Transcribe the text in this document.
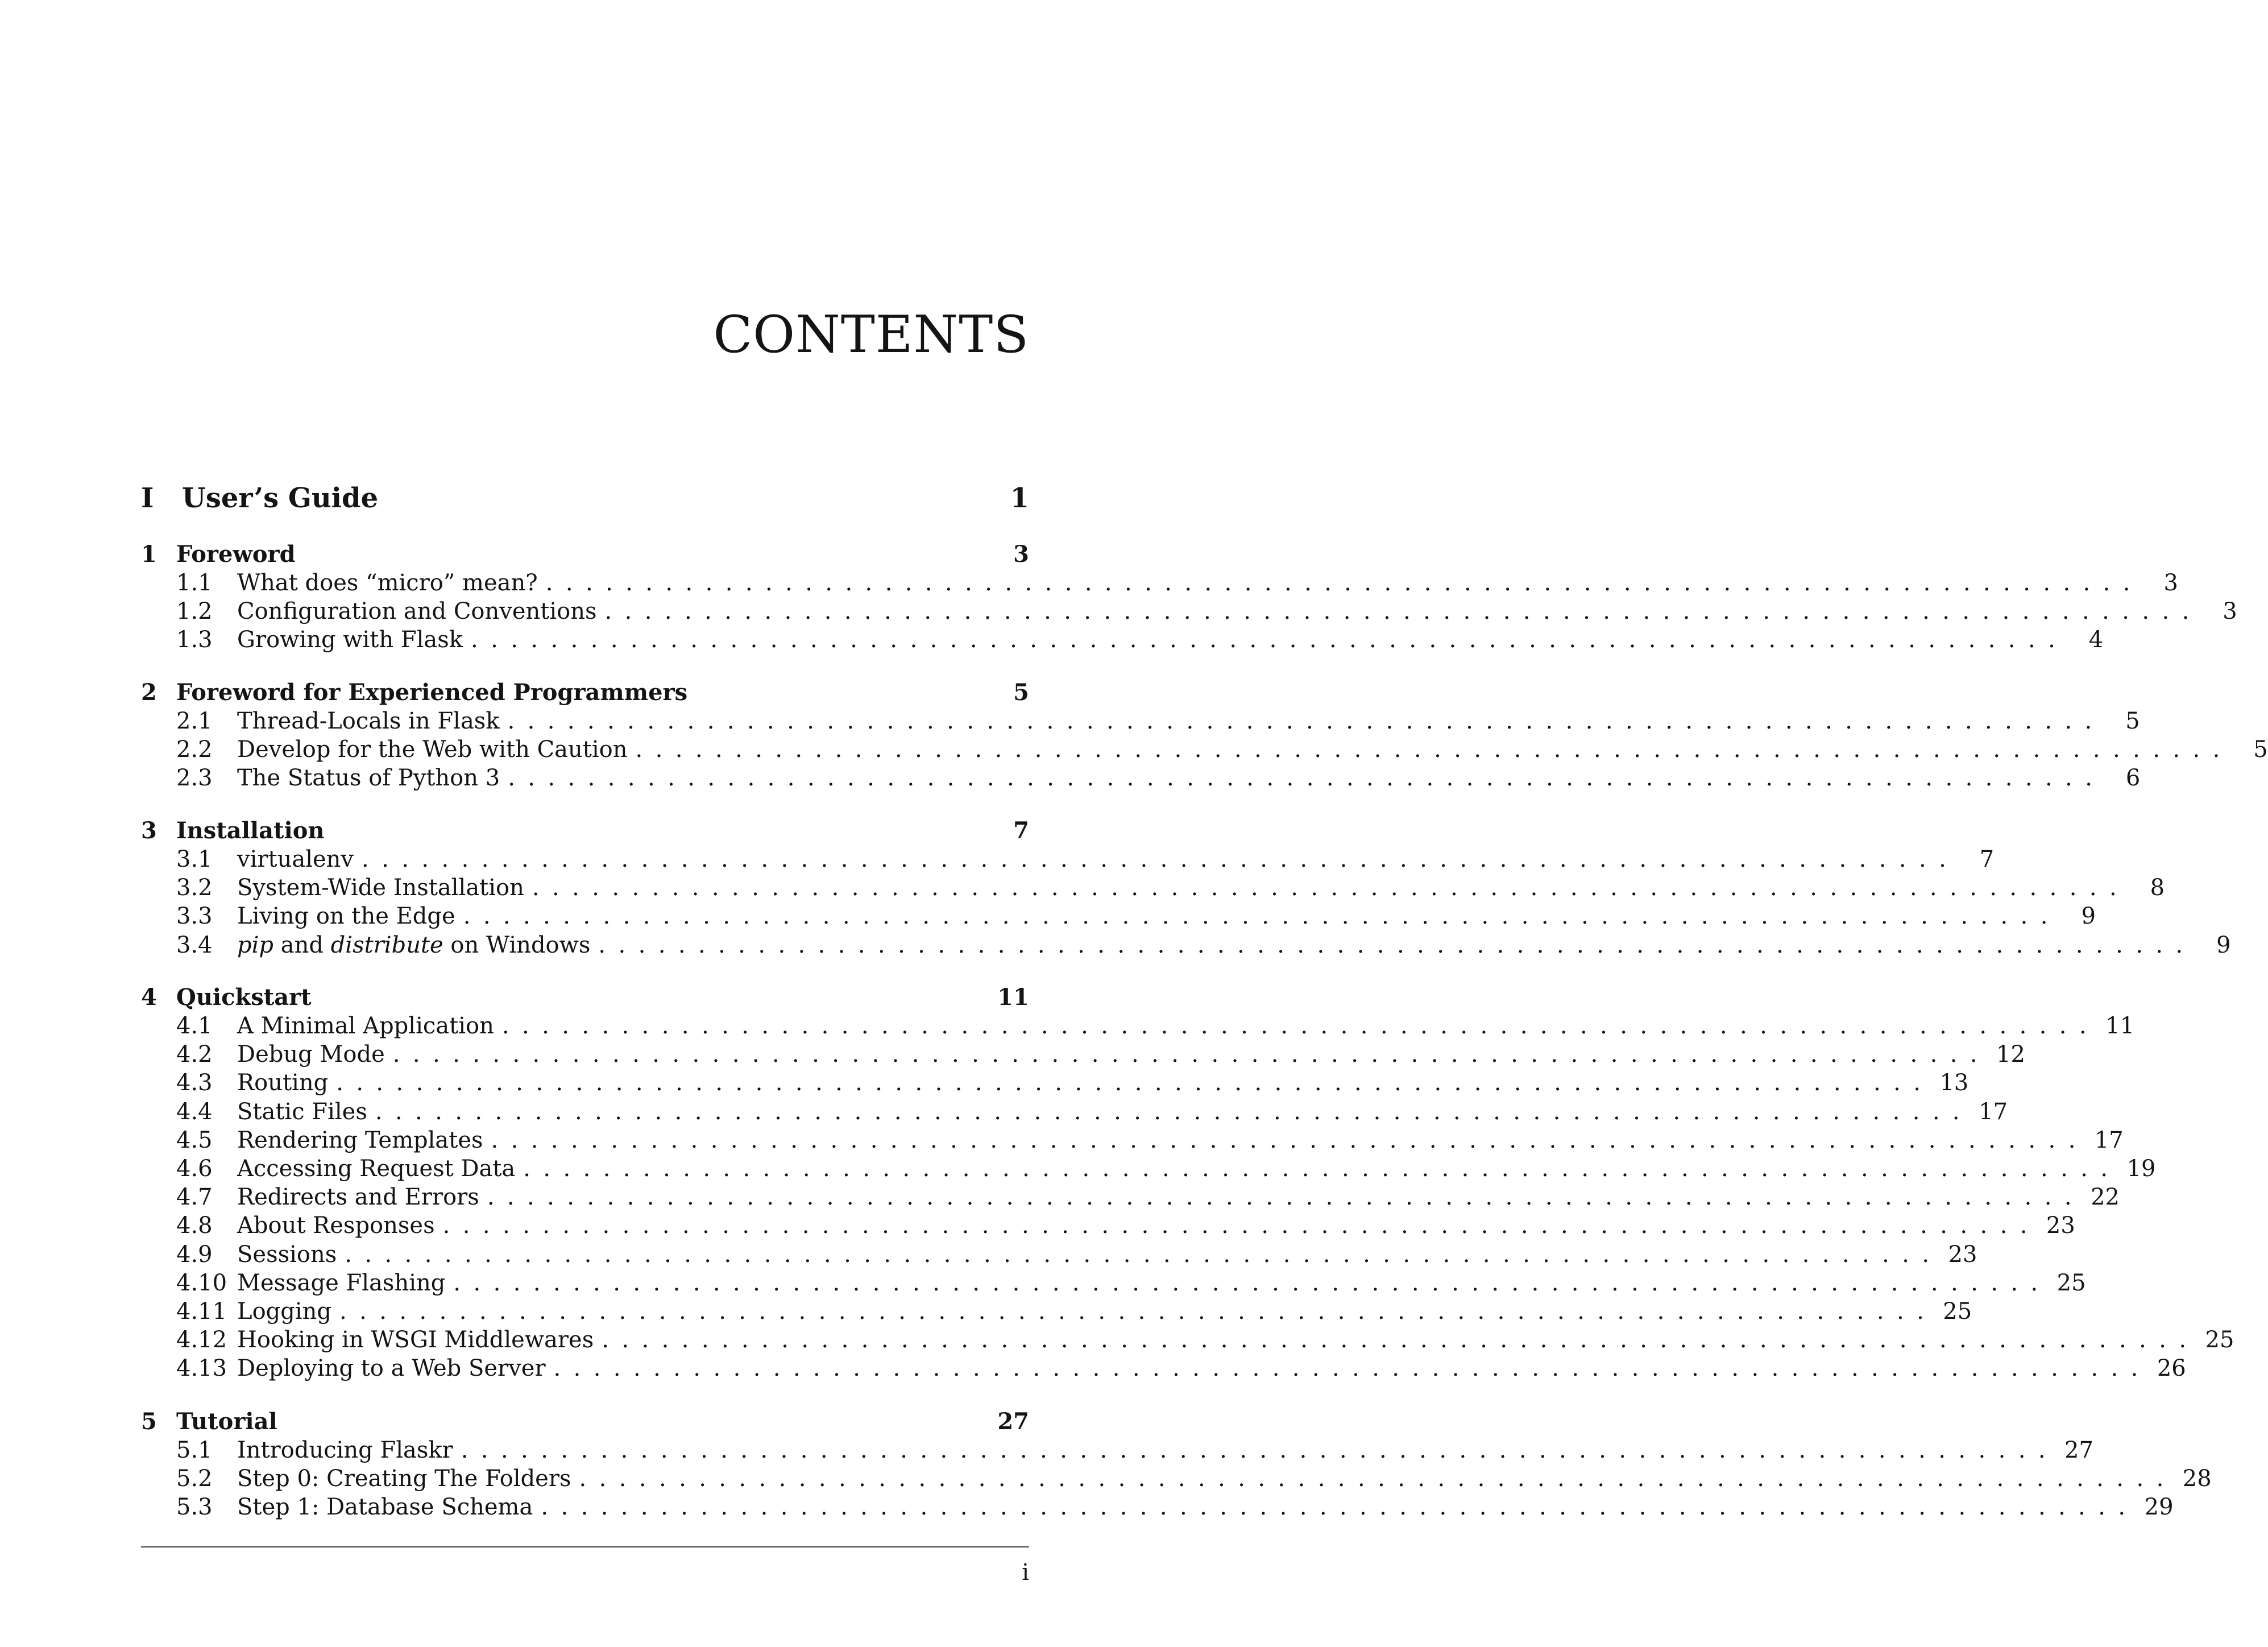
CONTENTS
I	User’s Guide	1
1 Foreword	3
1.1	What does “micro” mean? ................................................................................ 3
1.2	Configuration and Conventions ................................................................................ 3
1.3	Growing with Flask ................................................................................ 4
2 Foreword for Experienced Programmers	5
2.1	Thread-Locals in Flask ................................................................................ 5
2.2	Develop for the Web with Caution ................................................................................ 5
2.3	The Status of Python 3 ................................................................................ 6
3 Installation	7
3.1	virtualenv ................................................................................ 7
3.2	System-Wide Installation ................................................................................ 8
3.3	Living on the Edge ................................................................................ 9
3.4	pip and distribute on Windows ................................................................................ 9
4 Quickstart	11
4.1	A Minimal Application ................................................................................ 11
4.2	Debug Mode ................................................................................ 12
4.3	Routing ................................................................................ 13
4.4	Static Files ................................................................................ 17
4.5	Rendering Templates ................................................................................ 17
4.6	Accessing Request Data ................................................................................ 19
4.7	Redirects and Errors ................................................................................ 22
4.8	About Responses ................................................................................ 23
4.9	Sessions ................................................................................ 23
4.10 Message Flashing ................................................................................ 25
4.11 Logging ................................................................................ 25
4.12 Hooking in WSGI Middlewares ................................................................................ 25
4.13 Deploying to a Web Server ................................................................................ 26
5 Tutorial	27
5.1	Introducing Flaskr ................................................................................ 27
5.2	Step 0: Creating The Folders ................................................................................ 28
5.3	Step 1: Database Schema ................................................................................ 29
i
